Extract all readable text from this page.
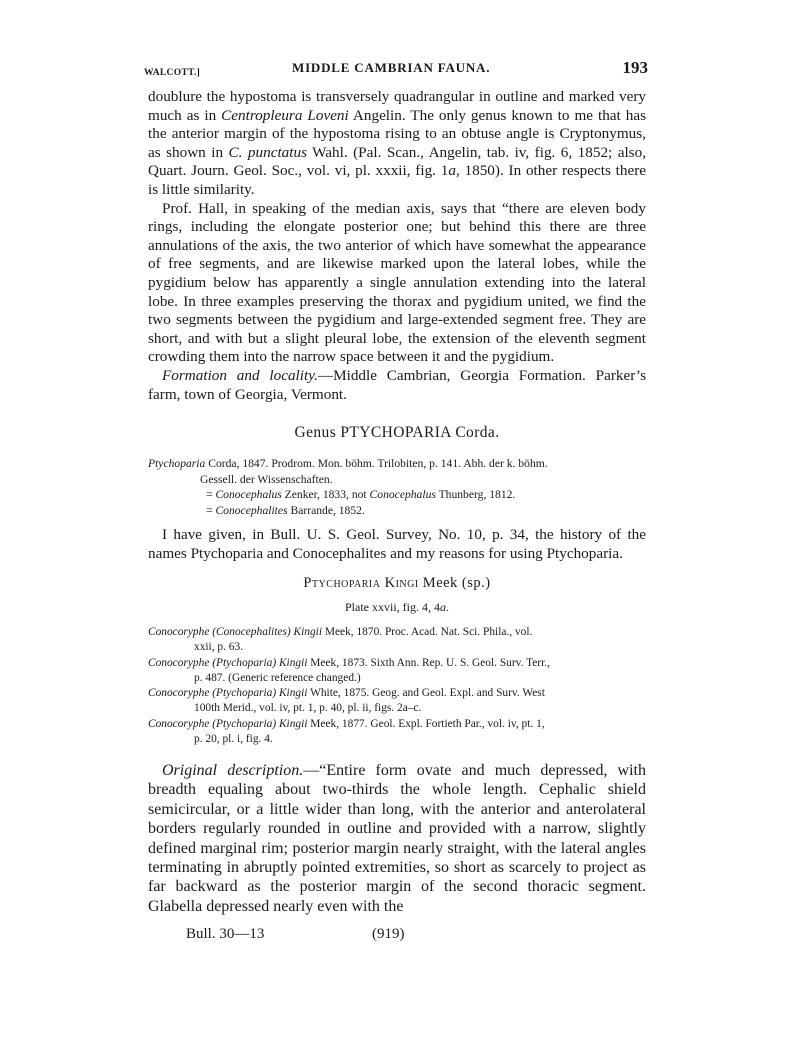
WALCOTT.]	MIDDLE CAMBRIAN FAUNA.	193

doublure the hypostoma is transversely quadrangular in outline and marked very much as in Centropleura Loveni Angelin. The only genus known to me that has the anterior margin of the hypostoma rising to an obtuse angle is Cryptonymus, as shown in C. punctatus Wahl. (Pal. Scan., Angelin, tab. iv, fig. 6, 1852; also, Quart. Journ. Geol. Soc., vol. vi, pl. xxxii, fig. 1a, 1850). In other respects there is little similarity.

Prof. Hall, in speaking of the median axis, says that “there are eleven body rings, including the elongate posterior one; but behind this there are three annulations of the axis, the two anterior of which have somewhat the appearance of free segments, and are likewise marked upon the lateral lobes, while the pygidium below has apparently a single annulation extending into the lateral lobe. In three examples preserving the thorax and pygidium united, we find the two segments between the pygidium and large-extended segment free. They are short, and with but a slight pleural lobe, the extension of the eleventh segment crowding them into the narrow space between it and the pygidium.

Formation and locality.—Middle Cambrian, Georgia Formation. Parker’s farm, town of Georgia, Vermont.

Genus PTYCHOPARIA Corda.

Ptychoparia Corda, 1847. Prodrom. Mon. böhm. Trilobiten, p. 141. Abh. der k. böhm.

Gessell. der Wissenschaften.

= Conocephalus Zenker, 1833, not Conocephalus Thunberg, 1812.

= Conocephalites Barrande, 1852.

I have given, in Bull. U. S. Geol. Survey, No. 10, p. 34, the history of the names Ptychoparia and Conocephalites and my reasons for using Ptychoparia.

Ptychoparia Kingi Meek (sp.)
Plate xxvii, fig. 4, 4a.

Conocoryphe (Conocephalites) Kingii Meek, 1870. Proc. Acad. Nat. Sci. Phila., vol.

xxii, p. 63.

Conocoryphe (Ptychoparia) Kingii Meek, 1873. Sixth Ann. Rep. U. S. Geol. Surv. Terr.,

p. 487. (Generic reference changed.)

Conocoryphe (Ptychoparia) Kingii White, 1875. Geog. and Geol. Expl. and Surv. West

100th Merid., vol. iv, pt. 1, p. 40, pl. ii, figs. 2a–c.

Conocoryphe (Ptychoparia) Kingii Meek, 1877. Geol. Expl. Fortieth Par., vol. iv, pt. 1,

p. 20, pl. i, fig. 4.

Original description.—“Entire form ovate and much depressed, with breadth equaling about two-thirds the whole length. Cephalic shield semicircular, or a little wider than long, with the anterior and anterolateral borders regularly rounded in outline and provided with a narrow, slightly defined marginal rim; posterior margin nearly straight, with the lateral angles terminating in abruptly pointed extremities, so short as scarcely to project as far backward as the posterior margin of the second thoracic segment. Glabella depressed nearly even with the

Bull. 30—13	(919)
